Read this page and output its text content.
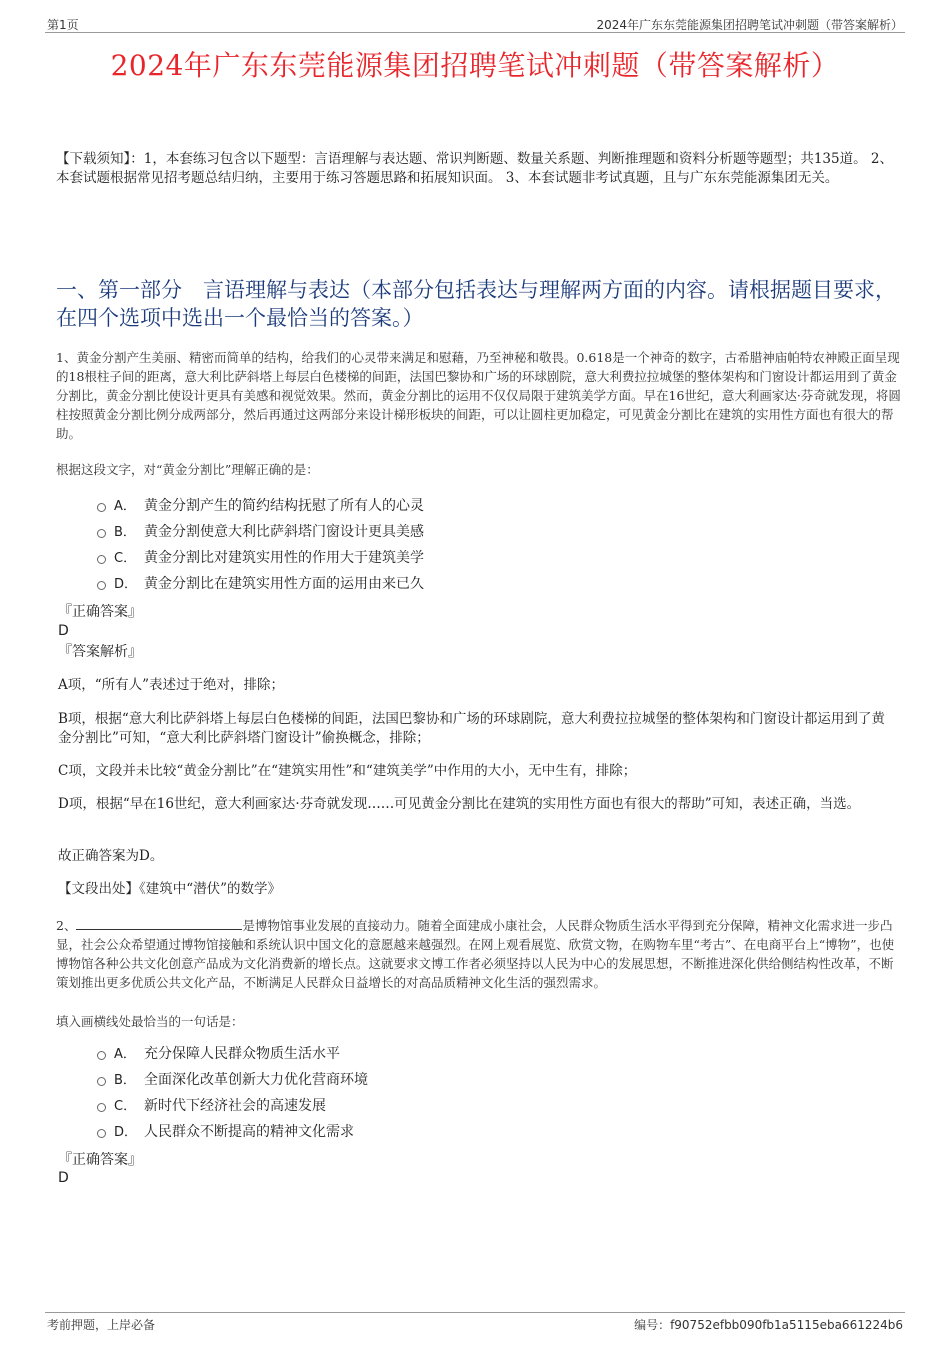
第1页	2024年广东东莞能源集团招聘笔试冲刺题（带答案解析）
2024年广东东莞能源集团招聘笔试冲刺题（带答案解析）
【下载须知】：1，本套练习包含以下题型：言语理解与表达题、常识判断题、数量关系题、判断推理题和资料分析题等题型；共135道。 2、本套试题根据常见招考题总结归纳，主要用于练习答题思路和拓展知识面。 3、本套试题非考试真题，且与广东东莞能源集团无关。
一、第一部分　言语理解与表达（本部分包括表达与理解两方面的内容。请根据题目要求，在四个选项中选出一个最恰当的答案。）
1、黄金分割产生美丽、精密而简单的结构，给我们的心灵带来满足和慰藉，乃至神秘和敬畏。0.618是一个神奇的数字，古希腊神庙帕特农神殿正面呈现的18根柱子间的距离，意大利比萨斜塔上每层白色楼梯的间距，法国巴黎协和广场的环球剧院，意大利费拉拉城堡的整体架构和门窗设计都运用到了黄金分割比，黄金分割比使设计更具有美感和视觉效果。然而，黄金分割比的运用不仅仅局限于建筑美学方面。早在16世纪，意大利画家达·芬奇就发现，将圆柱按照黄金分割比例分成两部分，然后再通过这两部分来设计梯形板块的间距，可以让圆柱更加稳定，可见黄金分割比在建筑的实用性方面也有很大的帮助。
根据这段文字，对“黄金分割比”理解正确的是：
A． 黄金分割产生的简约结构抚慰了所有人的心灵
B． 黄金分割使意大利比萨斜塔门窗设计更具美感
C． 黄金分割比对建筑实用性的作用大于建筑美学
D． 黄金分割比在建筑实用性方面的运用由来已久
『正确答案』
D
『答案解析』
A项，“所有人”表述过于绝对，排除；
B项，根据“意大利比萨斜塔上每层白色楼梯的间距，法国巴黎协和广场的环球剧院，意大利费拉拉城堡的整体架构和门窗设计都运用到了黄金分割比”可知，“意大利比萨斜塔门窗设计”偷换概念，排除；
C项，文段并未比较“黄金分割比”在“建筑实用性”和“建筑美学”中作用的大小，无中生有，排除；
D项，根据“早在16世纪，意大利画家达·芬奇就发现……可见黄金分割比在建筑的实用性方面也有很大的帮助”可知，表述正确，当选。
故正确答案为D。
【文段出处】《建筑中“潜伏”的数学》
2、	是博物馆事业发展的直接动力。随着全面建成小康社会，人民群众物质生活水平得到充分保障，精神文化需求进一步凸显，社会公众希望通过博物馆接触和系统认识中国文化的意愿越来越强烈。在网上观看展览、欣赏文物，在购物车里“考古”、在电商平台上“博物”，也使博物馆各种公共文化创意产品成为文化消费新的增长点。这就要求文博工作者必须坚持以人民为中心的发展思想，不断推进深化供给侧结构性改革，不断策划推出更多优质公共文化产品，不断满足人民群众日益增长的对高品质精神文化生活的强烈需求。
填入画横线处最恰当的一句话是：
A． 充分保障人民群众物质生活水平
B． 全面深化改革创新大力优化营商环境
C． 新时代下经济社会的高速发展
D． 人民群众不断提高的精神文化需求
『正确答案』
D
考前押题，上岸必备	编号：f90752efbb090fb1a5115eba661224b6
